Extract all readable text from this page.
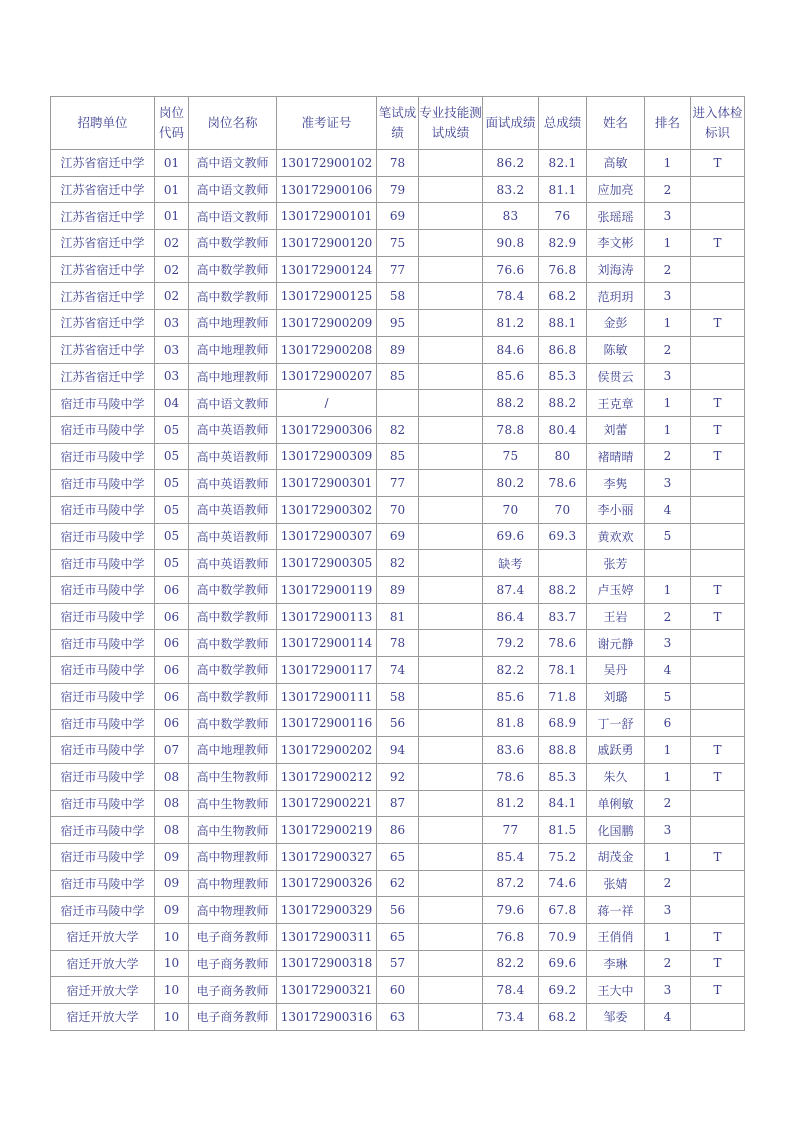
招聘单位	岗位代码	岗位名称	准考证号	笔试成绩	专业技能测试成绩	面试成绩	总成绩	姓名	排名	进入体检标识
江苏省宿迁中学	01	高中语文教师	130172900102	78		86.2	82.1	高敏	1	T
江苏省宿迁中学	01	高中语文教师	130172900106	79		83.2	81.1	应加亮	2	
江苏省宿迁中学	01	高中语文教师	130172900101	69		83	76	张瑶瑶	3	
江苏省宿迁中学	02	高中数学教师	130172900120	75		90.8	82.9	李文彬	1	T
江苏省宿迁中学	02	高中数学教师	130172900124	77		76.6	76.8	刘海涛	2	
江苏省宿迁中学	02	高中数学教师	130172900125	58		78.4	68.2	范玥玥	3	
江苏省宿迁中学	03	高中地理教师	130172900209	95		81.2	88.1	金彭	1	T
江苏省宿迁中学	03	高中地理教师	130172900208	89		84.6	86.8	陈敏	2	
江苏省宿迁中学	03	高中地理教师	130172900207	85		85.6	85.3	侯贯云	3	
宿迁市马陵中学	04	高中语文教师	/			88.2	88.2	王克章	1	T
宿迁市马陵中学	05	高中英语教师	130172900306	82		78.8	80.4	刘蕾	1	T
宿迁市马陵中学	05	高中英语教师	130172900309	85		75	80	褚晴晴	2	T
宿迁市马陵中学	05	高中英语教师	130172900301	77		80.2	78.6	李隽	3	
宿迁市马陵中学	05	高中英语教师	130172900302	70		70	70	李小丽	4	
宿迁市马陵中学	05	高中英语教师	130172900307	69		69.6	69.3	黄欢欢	5	
宿迁市马陵中学	05	高中英语教师	130172900305	82		缺考		张芳		
宿迁市马陵中学	06	高中数学教师	130172900119	89		87.4	88.2	卢玉婷	1	T
宿迁市马陵中学	06	高中数学教师	130172900113	81		86.4	83.7	王岩	2	T
宿迁市马陵中学	06	高中数学教师	130172900114	78		79.2	78.6	谢元静	3	
宿迁市马陵中学	06	高中数学教师	130172900117	74		82.2	78.1	吴丹	4	
宿迁市马陵中学	06	高中数学教师	130172900111	58		85.6	71.8	刘璐	5	
宿迁市马陵中学	06	高中数学教师	130172900116	56		81.8	68.9	丁一舒	6	
宿迁市马陵中学	07	高中地理教师	130172900202	94		83.6	88.8	戚跃勇	1	T
宿迁市马陵中学	08	高中生物教师	130172900212	92		78.6	85.3	朱久	1	T
宿迁市马陵中学	08	高中生物教师	130172900221	87		81.2	84.1	单俐敏	2	
宿迁市马陵中学	08	高中生物教师	130172900219	86		77	81.5	化国鹏	3	
宿迁市马陵中学	09	高中物理教师	130172900327	65		85.4	75.2	胡茂金	1	T
宿迁市马陵中学	09	高中物理教师	130172900326	62		87.2	74.6	张婧	2	
宿迁市马陵中学	09	高中物理教师	130172900329	56		79.6	67.8	蒋一祥	3	
宿迁开放大学	10	电子商务教师	130172900311	65		76.8	70.9	王俏俏	1	T
宿迁开放大学	10	电子商务教师	130172900318	57		82.2	69.6	李琳	2	T
宿迁开放大学	10	电子商务教师	130172900321	60		78.4	69.2	王大中	3	T
宿迁开放大学	10	电子商务教师	130172900316	63		73.4	68.2	邹委	4	
